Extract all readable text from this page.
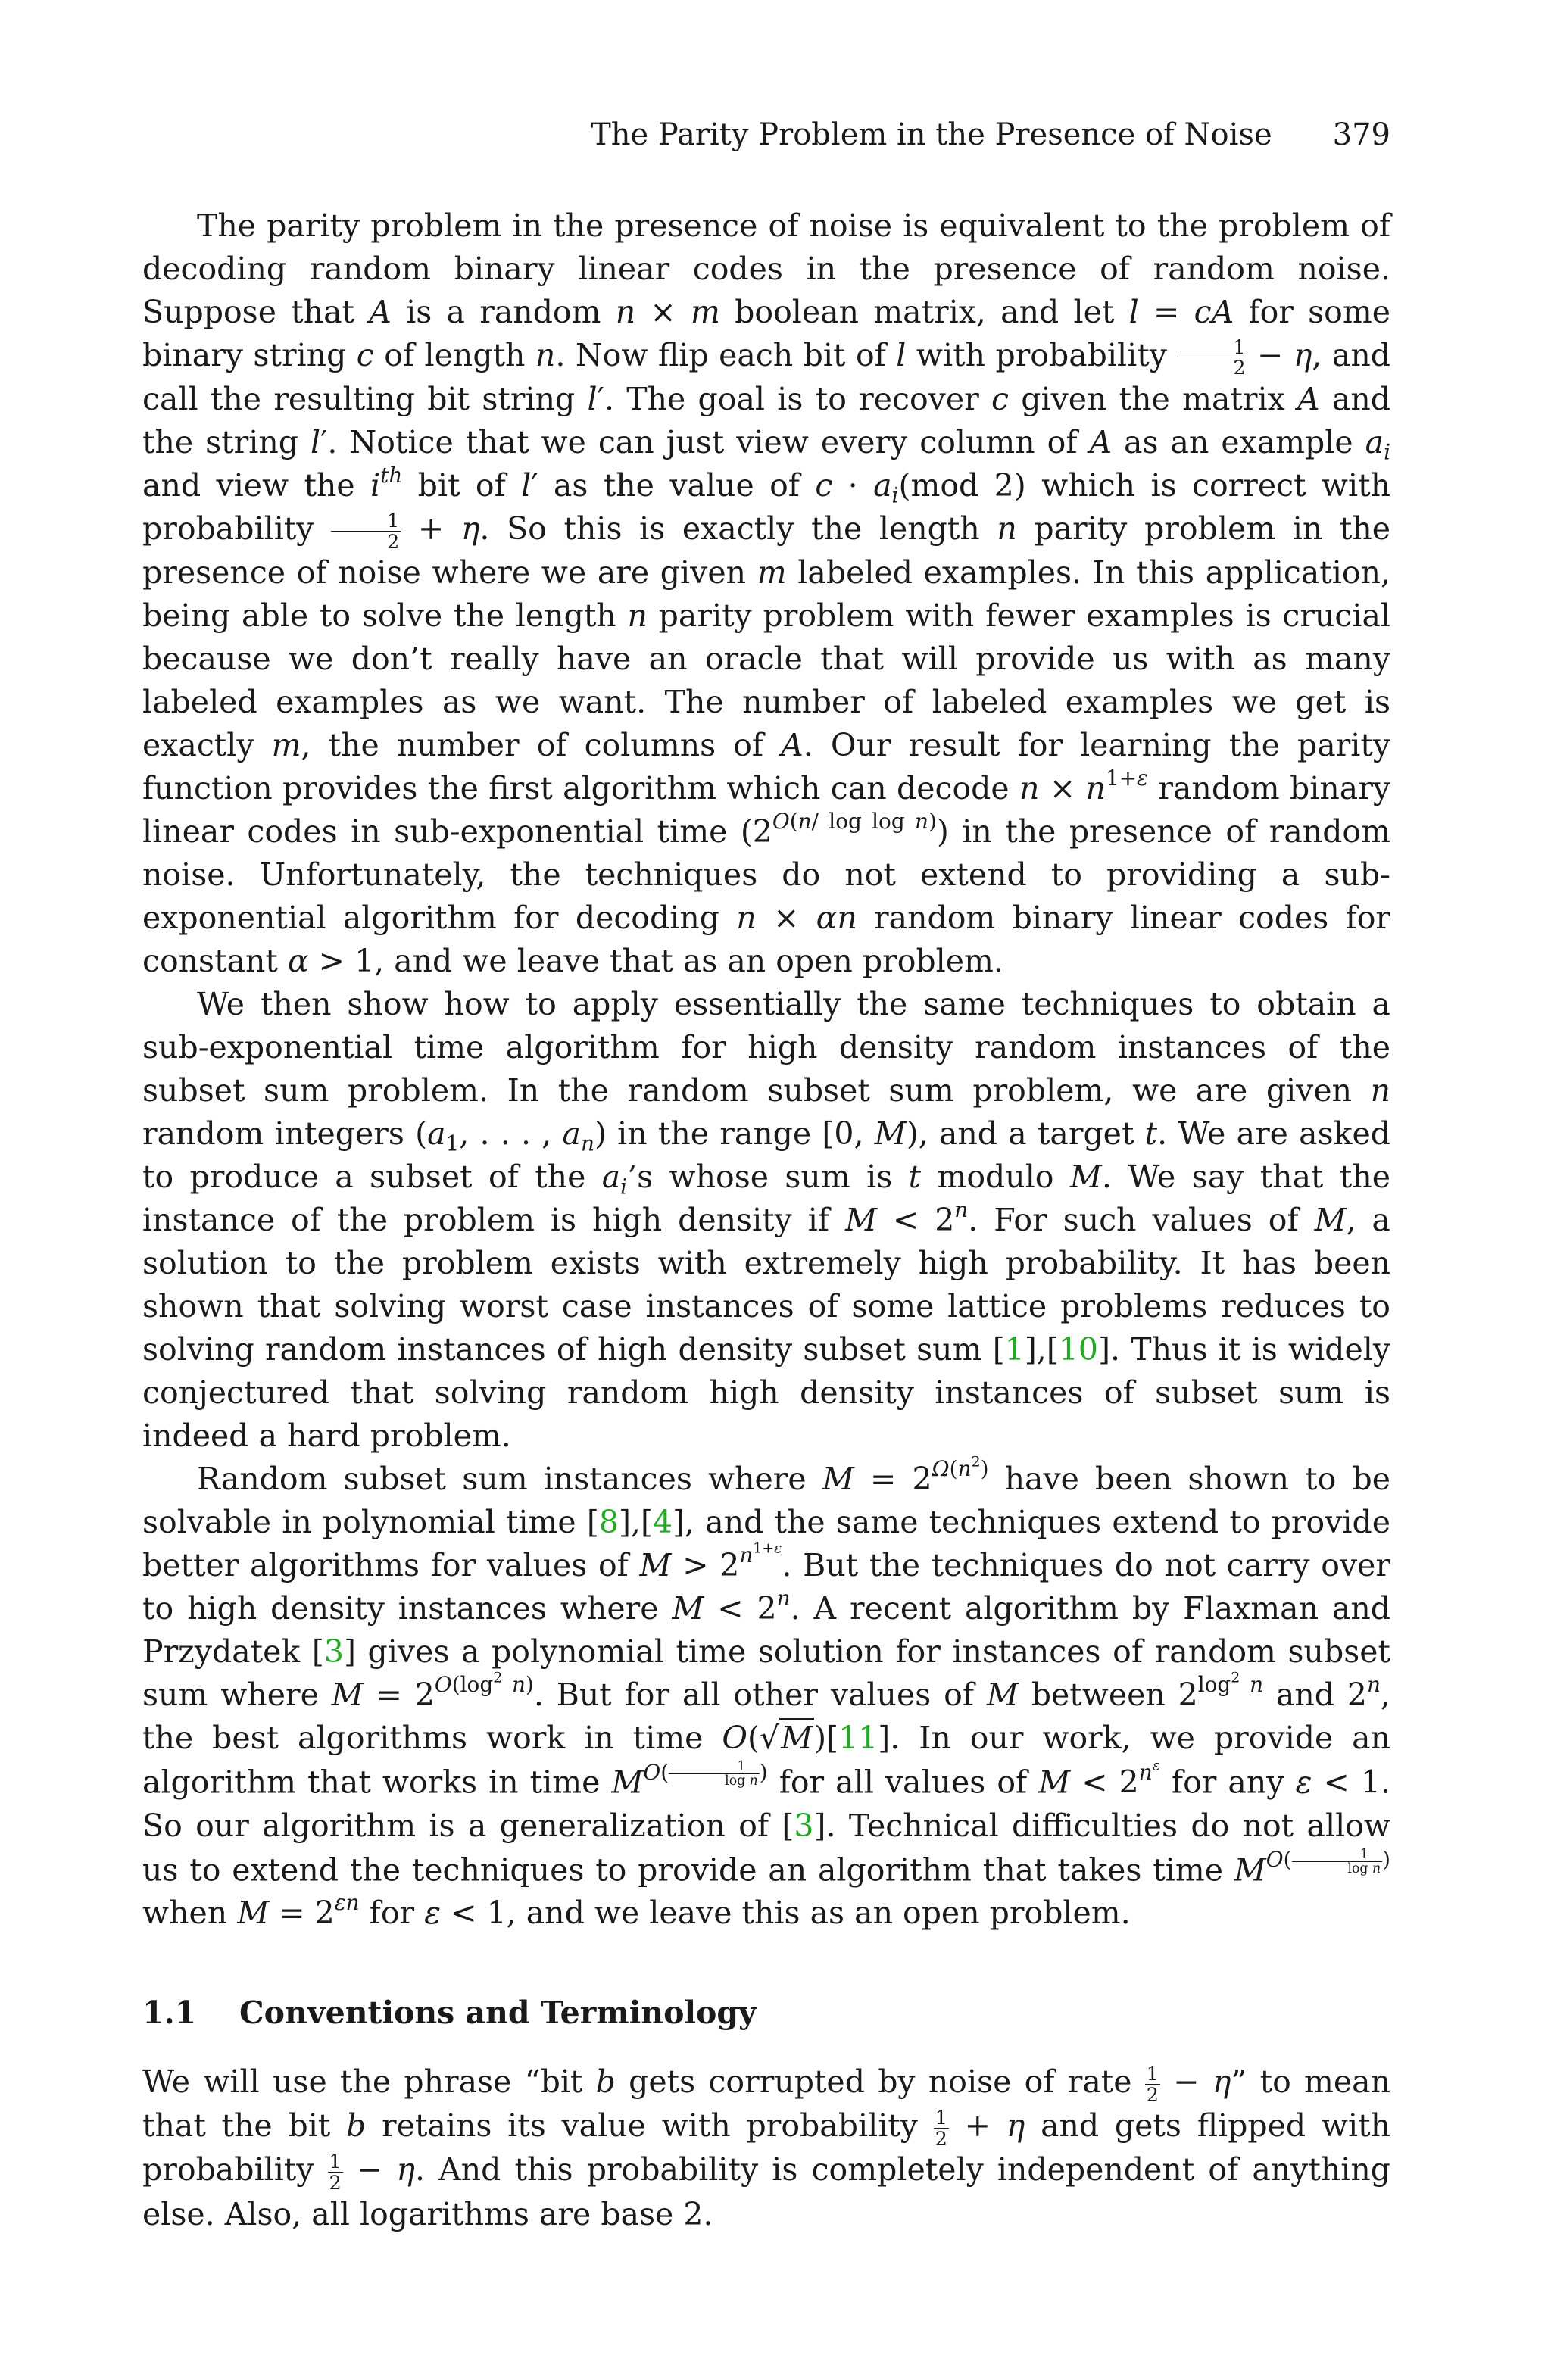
The Parity Problem in the Presence of Noise 379

The parity problem in the presence of noise is equivalent to the problem of decoding random binary linear codes in the presence of random noise. Suppose that A is a random n × m boolean matrix, and let l = cA for some binary string c of length n. Now flip each bit of l with probability $\frac{1}{2} - \eta$, and call the resulting bit string l′. The goal is to recover c given the matrix A and the string l′. Notice that we can just view every column of A as an example $a_i$ and view the $i^{th}$ bit of l′ as the value of $c \cdot a_i(mod$ 2) which is correct with probability $\frac{1}{2} + \eta$. So this is exactly the length n parity problem in the presence of noise where we are given m labeled examples. In this application, being able to solve the length n parity problem with fewer examples is crucial because we don’t really have an oracle that will provide us with as many labeled examples as we want. The number of labeled examples we get is exactly m, the number of columns of A. Our result for learning the parity function provides the first algorithm which can decode $n \times n^{1+\varepsilon}$ random binary linear codes in sub-exponential time $(2^{O(n/ log log n)})$ in the presence of random noise. Unfortunately, the techniques do not extend to providing a sub-exponential algorithm for decoding n × αn random binary linear codes for constant α > 1, and we leave that as an open problem.

We then show how to apply essentially the same techniques to obtain a sub-exponential time algorithm for high density random instances of the subset sum problem. In the random subset sum problem, we are given n random integers ($a_1$, . . . , $a_n$) in the range [0, M), and a target t. We are asked to produce a subset of the $a_i’s$ whose sum is t modulo M. We say that the instance of the problem is high density if $M < 2^n$. For such values of M, a solution to the problem exists with extremely high probability. It has been shown that solving worst case instances of some lattice problems reduces to solving random instances of high density subset sum [1],[10]. Thus it is widely conjectured that solving random high density instances of subset sum is indeed a hard problem.

Random subset sum instances where $M = 2^{\Omega(n^2)}$ have been shown to be solvable in polynomial time [8],[4], and the same techniques extend to provide better algorithms for values of $M > 2^{n^{1+\varepsilon}}$. But the techniques do not carry over to high density instances where $M < 2^n$. A recent algorithm by Flaxman and Przydatek [3] gives a polynomial time solution for instances of random subset sum where $M = 2^{O(log^2 n)}$. But for all other values of M between $2^{log^2 n}$ and 2$^n$, the best algorithms work in time O(√M)[11]. In our work, we provide an algorithm that works in time $M^{O( \frac{1}{\text{log n}} )}$ for all values of $M < 2^{n^\varepsilon}$ for any ε < 1. So our algorithm is a generalization of [3]. Technical difficulties do not allow us to extend the techniques to provide an algorithm that takes time $M^{O( \frac{1}{\text{log n}} )}$ when $M = 2^{\varepsilon n}$ for ε < 1, and we leave this as an open problem.

1.1 Conventions and Terminology

We will use the phrase “bit b gets corrupted by noise of rate $\frac{1}{2} - \eta$” to mean that the bit b retains its value with probability $\frac{1}{2} + \eta$ and gets flipped with probability $\frac{1}{2} - \eta$. And this probability is completely independent of anything else. Also, all logarithms are base 2.
